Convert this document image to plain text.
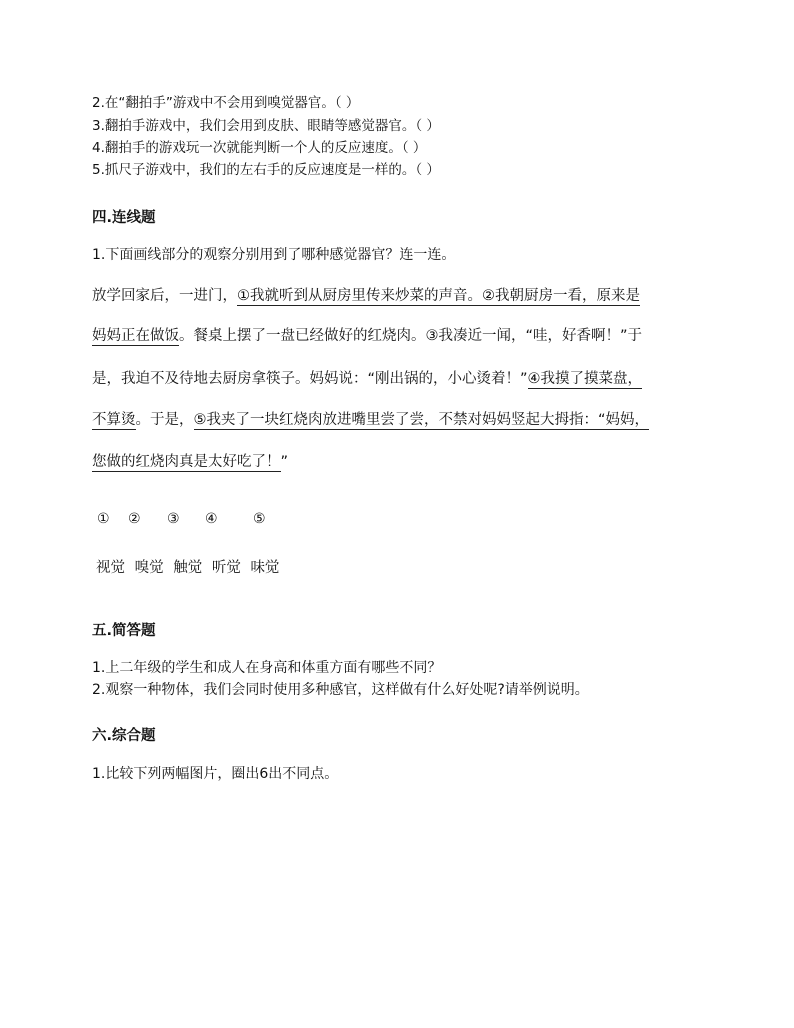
2.在“翻拍手”游戏中不会用到嗅觉器官。（ ）
3.翻拍手游戏中，我们会用到皮肤、眼睛等感觉器官。（ ）
4.翻拍手的游戏玩一次就能判断一个人的反应速度。（ ）
5.抓尺子游戏中，我们的左右手的反应速度是一样的。（ ）
四.连线题
1.下面画线部分的观察分别用到了哪种感觉器官？连一连。
放学回家后，一进门，①我就听到从厨房里传来炒菜的声音。②我朝厨房一看，原来是
妈妈正在做饭。餐桌上摆了一盘已经做好的红烧肉。③我凑近一闻，“哇，好香啊！”于
是，我迫不及待地去厨房拿筷子。妈妈说：“刚出锅的，小心烫着！”④我摸了摸菜盘，
不算烫。于是，⑤我夹了一块红烧肉放进嘴里尝了尝，不禁对妈妈竖起大拇指：“妈妈，
您做的红烧肉真是太好吃了！”
① ② ③ ④	⑤
视觉 嗅觉 触觉 听觉 味觉
五.简答题
1.上二年级的学生和成人在身高和体重方面有哪些不同？
2.观察一种物体，我们会同时使用多种感官，这样做有什么好处呢?请举例说明。
六.综合题
1.比较下列两幅图片，圈出6出不同点。
